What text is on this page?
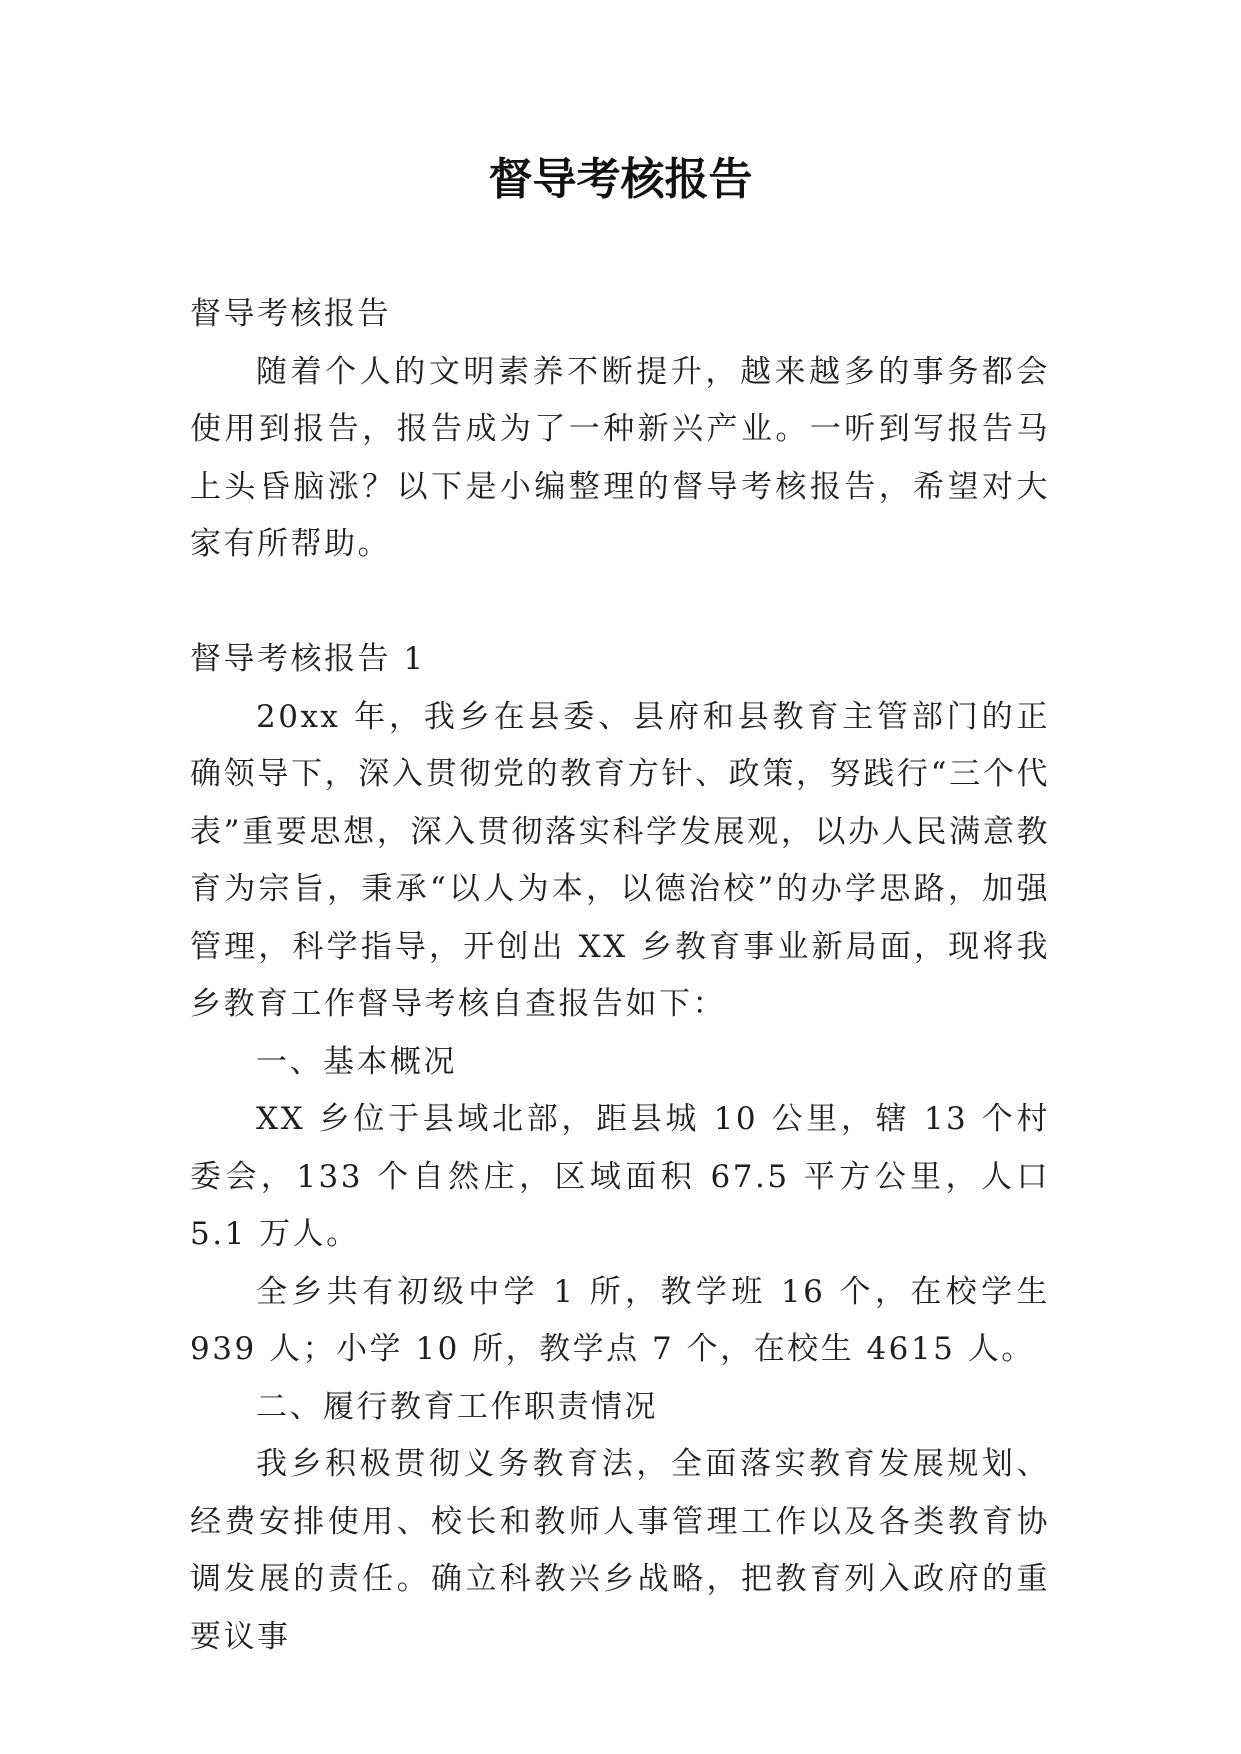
督导考核报告

督导考核报告

随着个人的文明素养不断提升，越来越多的事务都会使用到报告，报告成为了一种新兴产业。一听到写报告马上头昏脑涨？以下是小编整理的督导考核报告，希望对大家有所帮助。

督导考核报告 1

20xx 年，我乡在县委、县府和县教育主管部门的正确领导下，深入贯彻党的教育方针、政策，努践行“三个代表”重要思想，深入贯彻落实科学发展观，以办人民满意教育为宗旨，秉承“以人为本，以德治校”的办学思路，加强管理，科学指导，开创出 XX 乡教育事业新局面，现将我乡教育工作督导考核自查报告如下：

一、基本概况

XX 乡位于县域北部，距县城 10 公里，辖 13 个村委会，133 个自然庄，区域面积 67.5 平方公里，人口 5.1 万人。

全乡共有初级中学 1 所，教学班 16 个，在校学生 939 人；小学 10 所，教学点 7 个，在校生 4615 人。

二、履行教育工作职责情况

我乡积极贯彻义务教育法，全面落实教育发展规划、经费安排使用、校长和教师人事管理工作以及各类教育协调发展的责任。确立科教兴乡战略，把教育列入政府的重要议事
